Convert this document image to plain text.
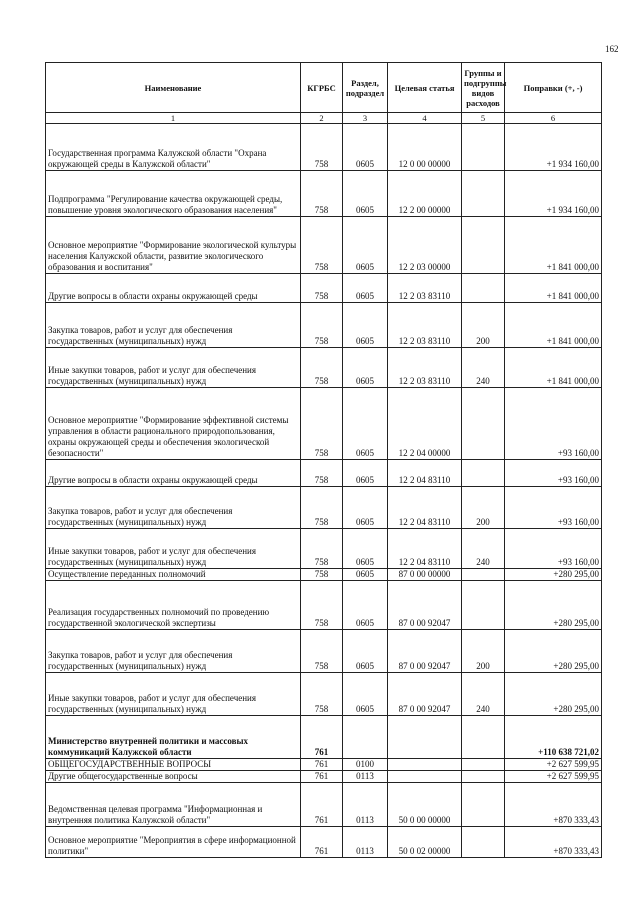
162
Наименование	КГРБС	Раздел, подраздел	Целевая статья	Группы и подгруппы видов расходов	Поправки (+, -)
1	2	3	4	5	6
Государственная программа Калужской области "Охрана окружающей среды в Калужской области"	758	0605	12 0 00 00000		+1 934 160,00
Подпрограмма "Регулирование качества окружающей среды, повышение уровня экологического образования населения"	758	0605	12 2 00 00000		+1 934 160,00
Основное мероприятие "Формирование экологической культуры населения Калужской области, развитие экологического образования и воспитания"	758	0605	12 2 03 00000		+1 841 000,00
Другие вопросы в области охраны окружающей среды	758	0605	12 2 03 83110		+1 841 000,00
Закупка товаров, работ и услуг для обеспечения государственных (муниципальных) нужд	758	0605	12 2 03 83110	200	+1 841 000,00
Иные закупки товаров, работ и услуг для обеспечения государственных (муниципальных) нужд	758	0605	12 2 03 83110	240	+1 841 000,00
Основное мероприятие "Формирование эффективной системы управления в области рационального природопользования, охраны окружающей среды и обеспечения экологической безопасности"	758	0605	12 2 04 00000		+93 160,00
Другие вопросы в области охраны окружающей среды	758	0605	12 2 04 83110		+93 160,00
Закупка товаров, работ и услуг для обеспечения государственных (муниципальных) нужд	758	0605	12 2 04 83110	200	+93 160,00
Иные закупки товаров, работ и услуг для обеспечения государственных (муниципальных) нужд	758	0605	12 2 04 83110	240	+93 160,00
Осуществление переданных полномочий	758	0605	87 0 00 00000		+280 295,00
Реализация государственных полномочий по проведению государственной экологической экспертизы	758	0605	87 0 00 92047		+280 295,00
Закупка товаров, работ и услуг для обеспечения государственных (муниципальных) нужд	758	0605	87 0 00 92047	200	+280 295,00
Иные закупки товаров, работ и услуг для обеспечения государственных (муниципальных) нужд	758	0605	87 0 00 92047	240	+280 295,00
Министерство внутренней политики и массовых коммуникаций Калужской области	761				+110 638 721,02
ОБЩЕГОСУДАРСТВЕННЫЕ ВОПРОСЫ	761	0100			+2 627 599,95
Другие общегосударственные вопросы	761	0113			+2 627 599,95
Ведомственная целевая программа "Информационная и внутренняя политика Калужской области"	761	0113	50 0 00 00000		+870 333,43
Основное мероприятие "Мероприятия в сфере информационной политики"	761	0113	50 0 02 00000		+870 333,43
